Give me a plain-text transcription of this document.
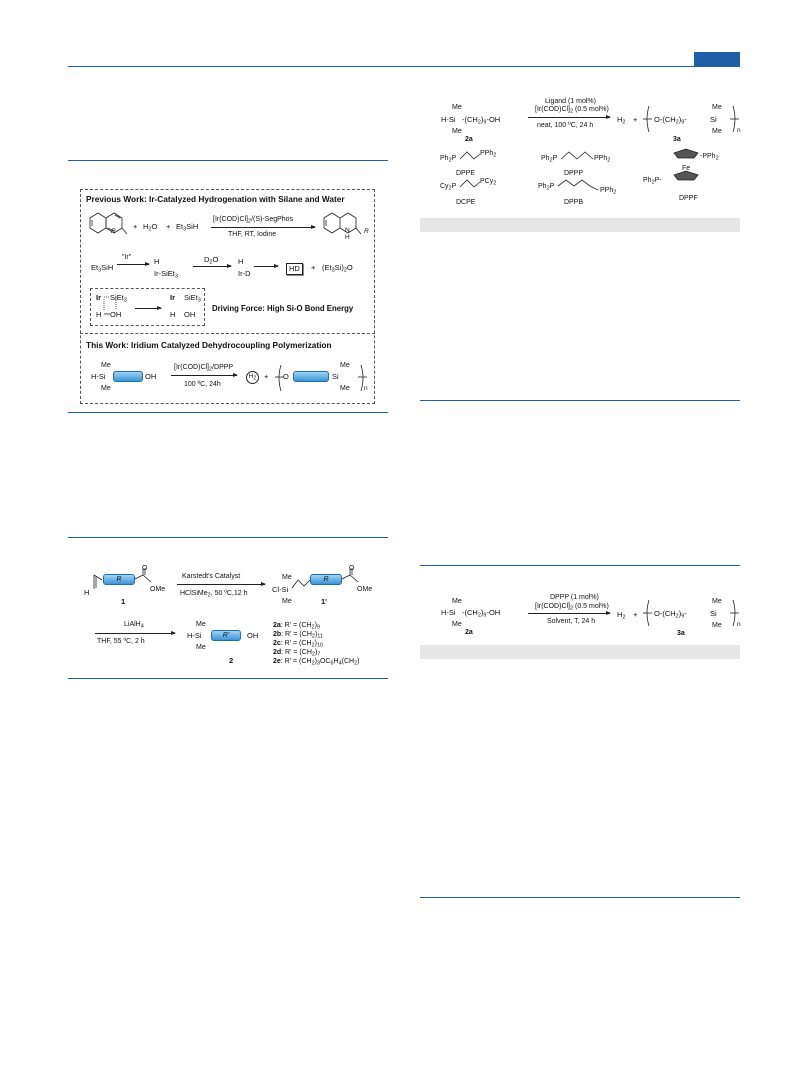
Previous Work: Ir-Catalyzed Hydrogenation with Silane and Water
R
+ $H_2O + Et_3SiH$
$[Ir(COD)Cl]_2/(S)$-SegPhos
THF, RT, Iodine
N
H
R
$Et_3SiH$
"Ir"	H
Ir-SiEt$_3$
$D_2O$	H
Ir-D
HD	+ $(Et_3Si)_2O$
Ir SiEt$_3$
H OH
Ir SiEt$_3$
H OH
Driving Force: High Si-O Bond Energy
This Work: Iridium Catalyzed Dehydrocoupling Polymerization
Me
H-Si
Me
OH
$[Ir(COD)Cl]_2$/DPPP
100 ºC, 24h
$H_2$	+ O
Me
Si
Me n
H
R
O
OMe
1
Karstedt's Catalyst
HClSiMe$_2$, 50 ºC,12 h
Me
Cl-Si
Me
R
O
OMe
1'
LiAlH$_4$
THF, 55 ºC, 2 h
Me
H-Si
Me
R'	OH
2
2a: $R' = (CH_2)_9$
2b: $R' = (CH_2)_{11}$
2c: $R' = (CH_2)_{10}$
2d: $R' = (CH_2)_7$
2e: $R' = (CH_2)_3OC_6H_4(CH_2)$
Me
H-Si
Me
$-(CH_2)_9-OH$
2a
Ligand (1 mol%)
$[Ir(COD)Cl]_2$ (0.5 mol%)
neat, 100 ºC, 24 h
$H_2 + O-(CH_2)_9-$
Me
Si
Me n
3a
$Ph_2P$
PPh$_2$
DPPE
$Ph_2P$	PPh$_2$
DPPP
-PPh$_2$
Fe
$Ph_2P-$
DPPF
$Cy_2P$
PCy$_2$
DCPE
$Ph_2P$
PPh$_2$
DPPB
Me
H-Si
Me
$-(CH_2)_9-OH$
2a
DPPP (1 mol%)
$[Ir(COD)Cl]_2$ (0.5 mol%)
Solvent, T, 24 h
$H_2 + O-(CH_2)_9-$
Me
Si
Me n
3a
